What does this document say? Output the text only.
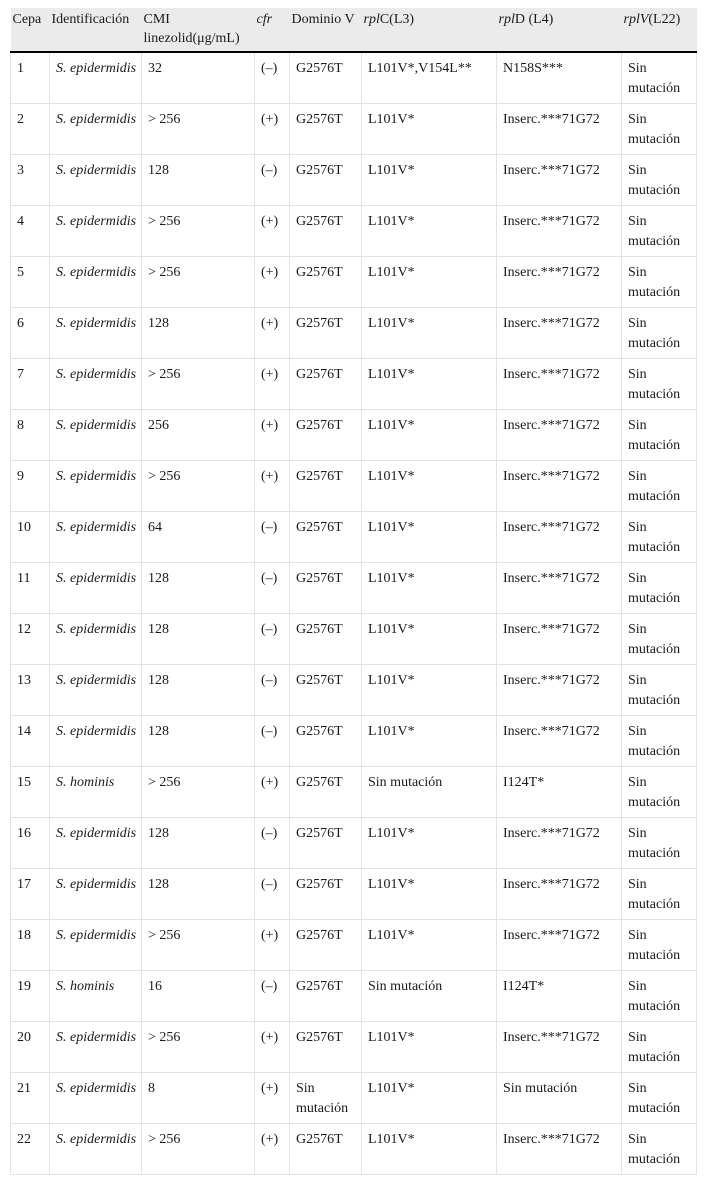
Cepa	Identificación	CMI linezolid(μg/mL)	cfr	Dominio V	rplC(L3)	rplD (L4)	rplV(L22)
1	S. epidermidis	32	(–)	G2576T	L101V*,V154L**	N158S***	Sin mutación
2	S. epidermidis	> 256	(+)	G2576T	L101V*	Inserc.***71G72	Sin mutación
3	S. epidermidis	128	(–)	G2576T	L101V*	Inserc.***71G72	Sin mutación
4	S. epidermidis	> 256	(+)	G2576T	L101V*	Inserc.***71G72	Sin mutación
5	S. epidermidis	> 256	(+)	G2576T	L101V*	Inserc.***71G72	Sin mutación
6	S. epidermidis	128	(+)	G2576T	L101V*	Inserc.***71G72	Sin mutación
7	S. epidermidis	> 256	(+)	G2576T	L101V*	Inserc.***71G72	Sin mutación
8	S. epidermidis	256	(+)	G2576T	L101V*	Inserc.***71G72	Sin mutación
9	S. epidermidis	> 256	(+)	G2576T	L101V*	Inserc.***71G72	Sin mutación
10	S. epidermidis	64	(–)	G2576T	L101V*	Inserc.***71G72	Sin mutación
11	S. epidermidis	128	(–)	G2576T	L101V*	Inserc.***71G72	Sin mutación
12	S. epidermidis	128	(–)	G2576T	L101V*	Inserc.***71G72	Sin mutación
13	S. epidermidis	128	(–)	G2576T	L101V*	Inserc.***71G72	Sin mutación
14	S. epidermidis	128	(–)	G2576T	L101V*	Inserc.***71G72	Sin mutación
15	S. hominis	> 256	(+)	G2576T	Sin mutación	I124T*	Sin mutación
16	S. epidermidis	128	(–)	G2576T	L101V*	Inserc.***71G72	Sin mutación
17	S. epidermidis	128	(–)	G2576T	L101V*	Inserc.***71G72	Sin mutación
18	S. epidermidis	> 256	(+)	G2576T	L101V*	Inserc.***71G72	Sin mutación
19	S. hominis	16	(–)	G2576T	Sin mutación	I124T*	Sin mutación
20	S. epidermidis	> 256	(+)	G2576T	L101V*	Inserc.***71G72	Sin mutación
21	S. epidermidis	8	(+)	Sin mutación	L101V*	Sin mutación	Sin mutación
22	S. epidermidis	> 256	(+)	G2576T	L101V*	Inserc.***71G72	Sin mutación
